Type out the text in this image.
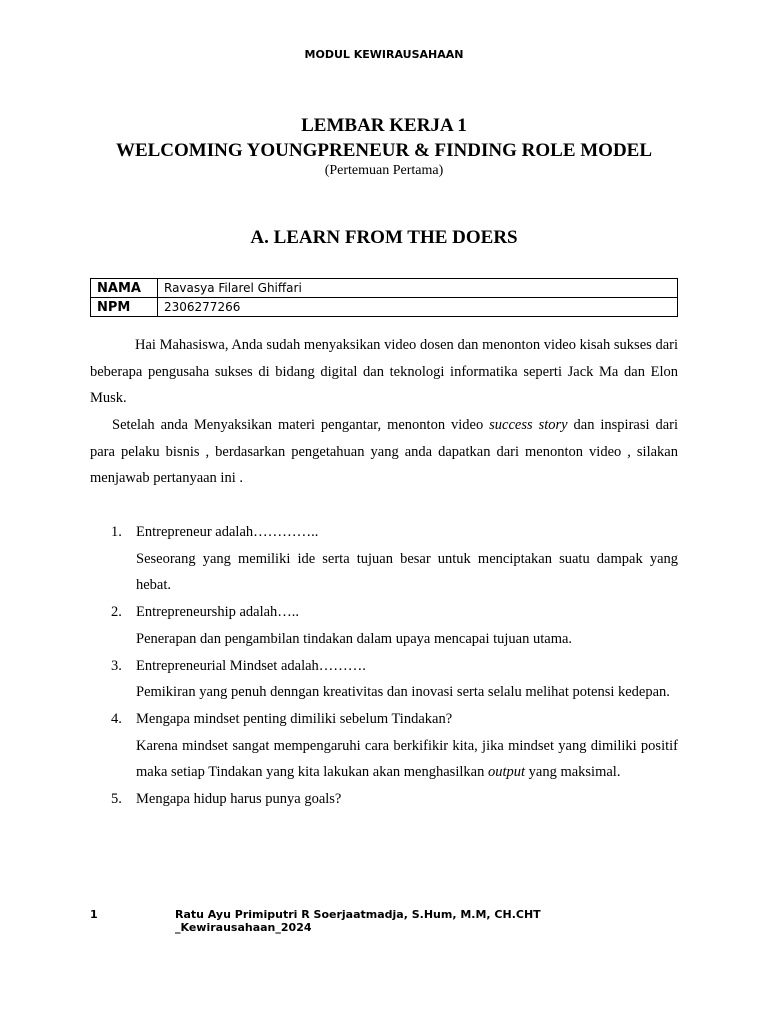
MODUL KEWIRAUSAHAAN
LEMBAR KERJA 1
WELCOMING YOUNGPRENEUR & FINDING ROLE MODEL
(Pertemuan Pertama)
A. LEARN FROM THE DOERS
NAMA	Ravasya Filarel Ghiffari
NPM	2306277266

Hai Mahasiswa, Anda sudah menyaksikan video dosen dan menonton video kisah sukses dari beberapa pengusaha sukses di bidang digital dan teknologi informatika seperti Jack Ma dan Elon Musk.

Setelah anda Menyaksikan materi pengantar, menonton video success story dan inspirasi dari para pelaku bisnis , berdasarkan pengetahuan yang anda dapatkan dari menonton video , silakan menjawab pertanyaan ini .

1. Entrepreneur adalah…………..
Seseorang yang memiliki ide serta tujuan besar untuk menciptakan suatu dampak yang hebat.
2. Entrepreneurship adalah…..
Penerapan dan pengambilan tindakan dalam upaya mencapai tujuan utama.
3. Entrepreneurial Mindset adalah……….
Pemikiran yang penuh denngan kreativitas dan inovasi serta selalu melihat potensi kedepan.
4. Mengapa mindset penting dimiliki sebelum Tindakan?
Karena mindset sangat mempengaruhi cara berkifikir kita, jika mindset yang dimiliki positif maka setiap Tindakan yang kita lakukan akan menghasilkan output yang maksimal.
5. Mengapa hidup harus punya goals?
1	Ratu Ayu Primiputri R Soerjaatmadja, S.Hum, M.M, CH.CHT _Kewirausahaan_2024
